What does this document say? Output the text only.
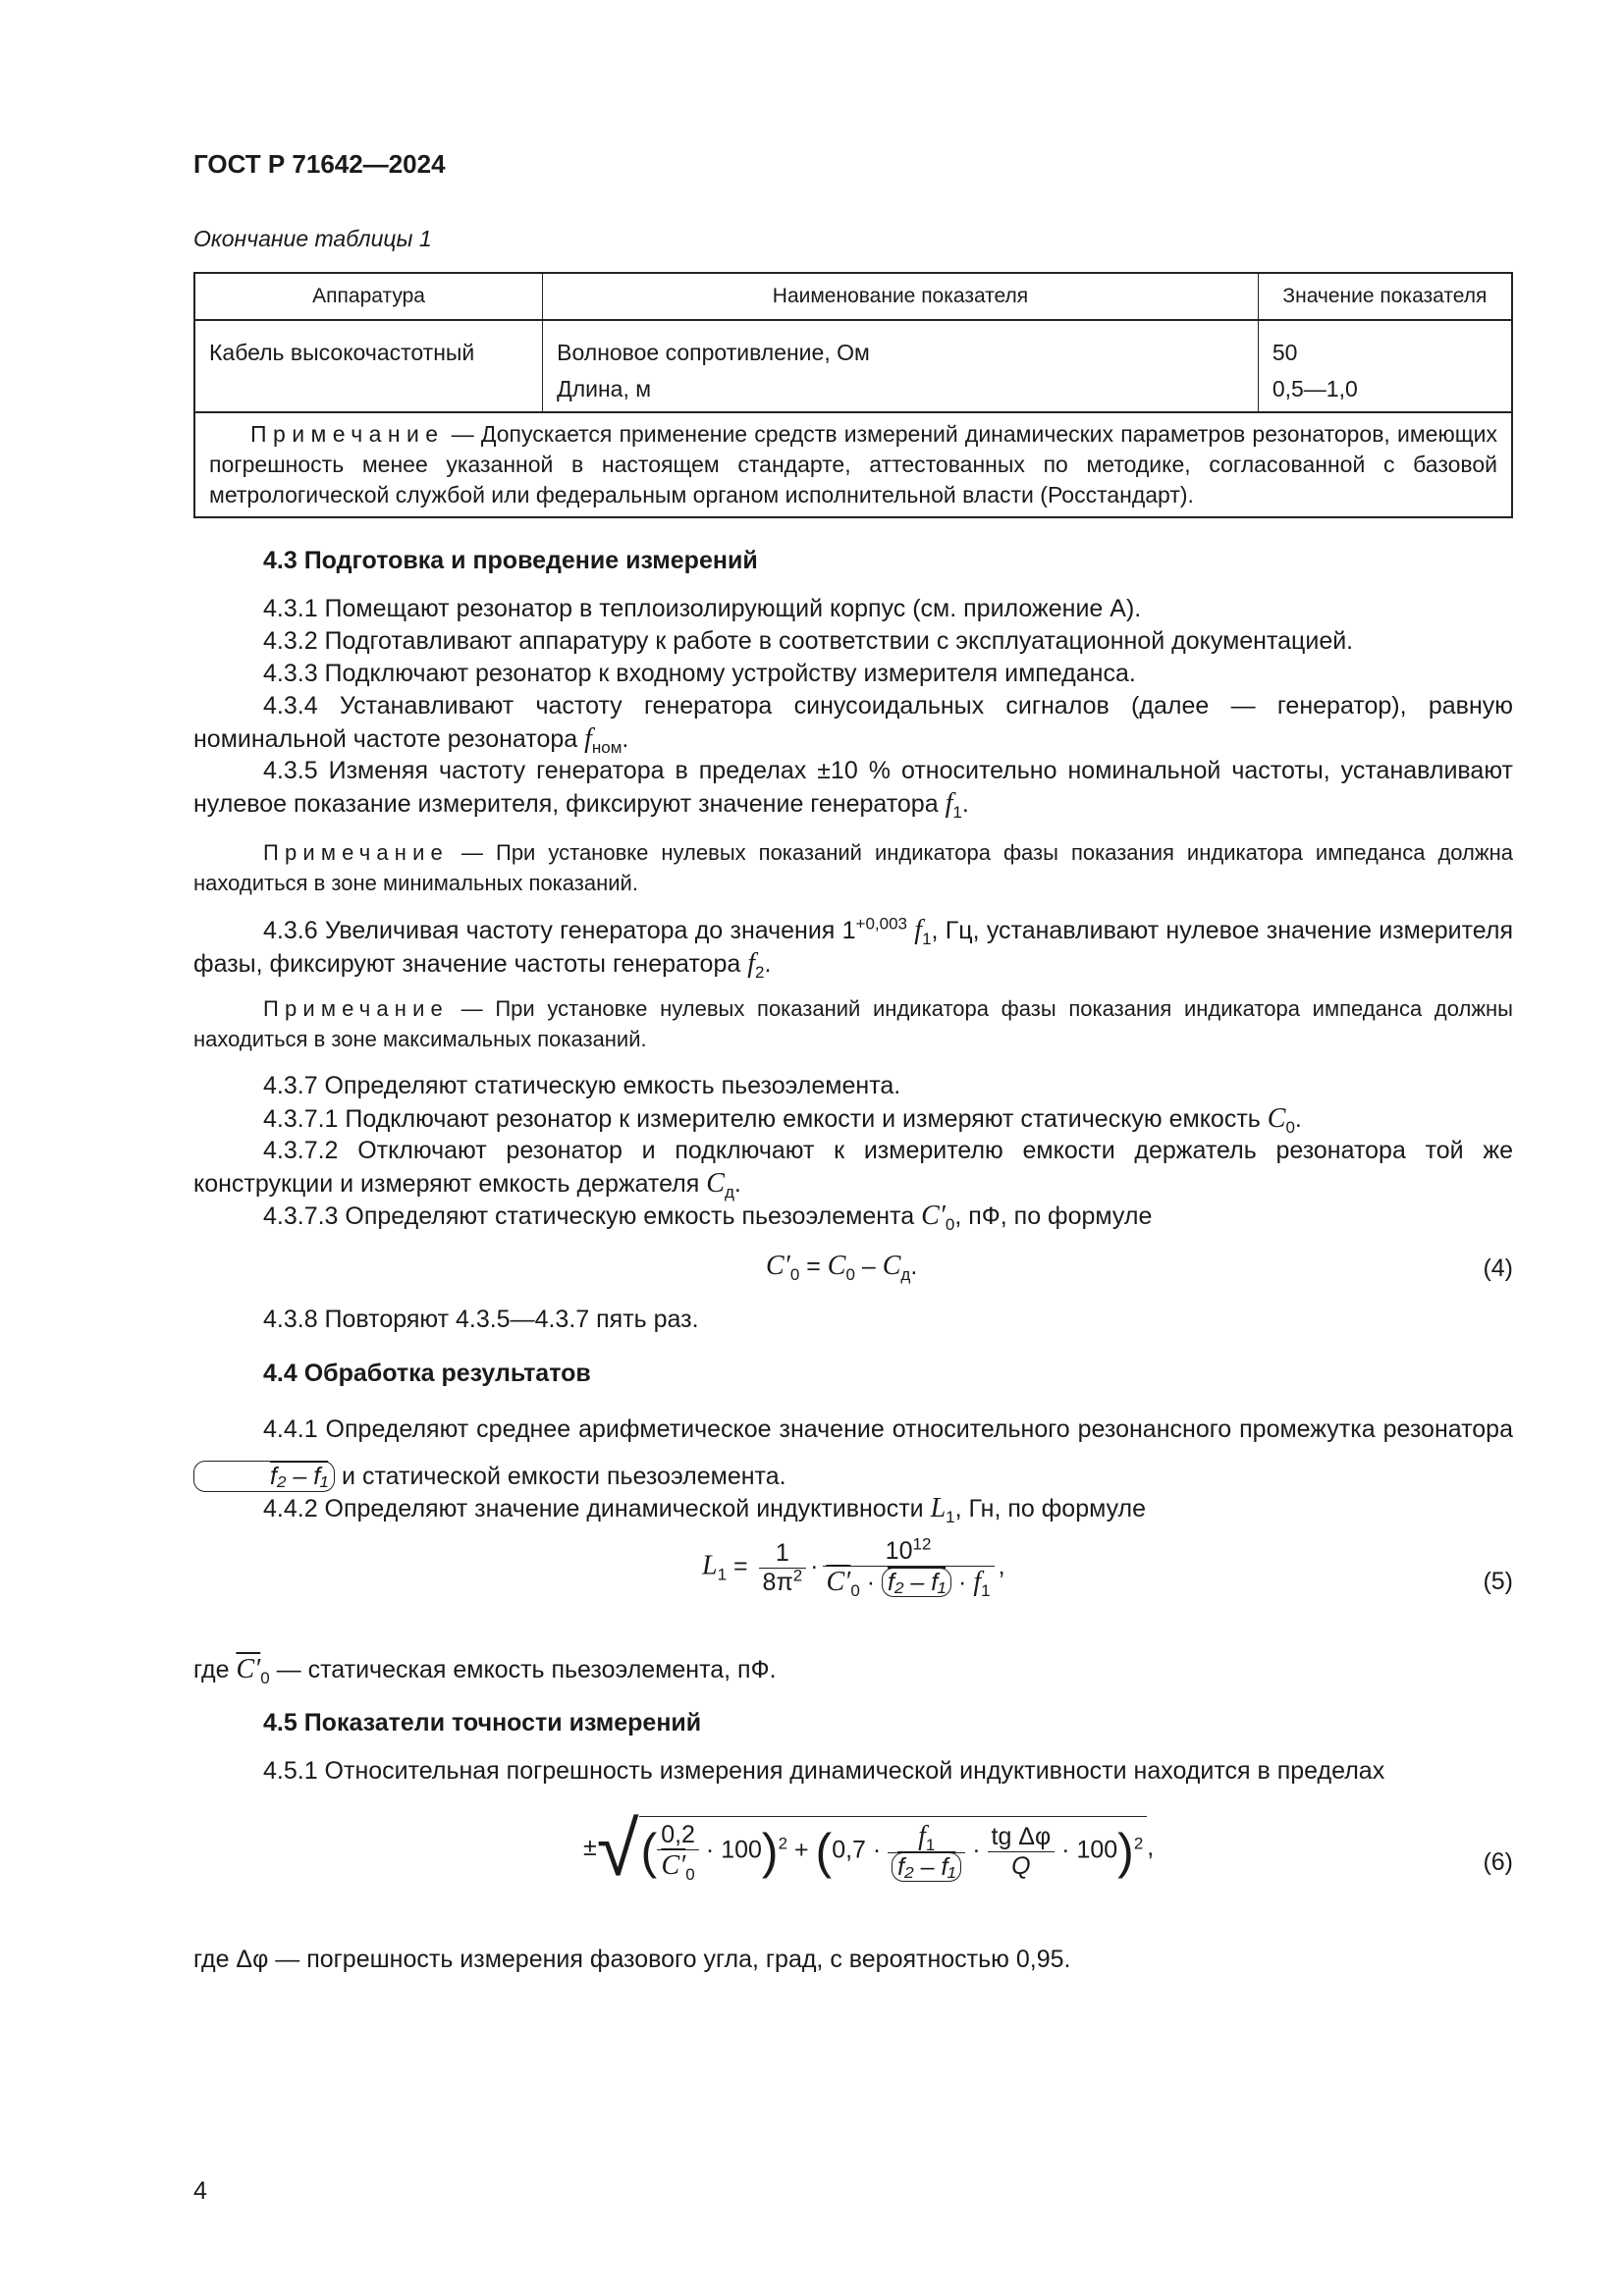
ГОСТ Р 71642—2024
Окончание таблицы 1
Аппаратура	Наименование показателя	Значение показателя
Кабель высокочастотный	Волновое сопротивление, Ом	50
	Длина, м	0,5—1,0
Примечание — Допускается применение средств измерений динамических параметров резонаторов, имеющих погрешность менее указанной в настоящем стандарте, аттестованных по методике, согласованной с базовой метрологической службой или федеральным органом исполнительной власти (Росстандарт).		
4.3 Подготовка и проведение измерений
4.3.1 Помещают резонатор в теплоизолирующий корпус (см. приложение А).
4.3.2 Подготавливают аппаратуру к работе в соответствии с эксплуатационной документацией.
4.3.3 Подключают резонатор к входному устройству измерителя импеданса.
4.3.4 Устанавливают частоту генератора синусоидальных сигналов (далее — генератор), равную номинальной частоте резонатора $f_{ном}$.
4.3.5 Изменяя частоту генератора в пределах ±10 % относительно номинальной частоты, устанавливают нулевое показание измерителя, фиксируют значение генератора $f_1$.
Примечание — При установке нулевых показаний индикатора фазы показания индикатора импеданса должна находиться в зоне минимальных показаний.
4.3.6 Увеличивая частоту генератора до значения $1^{+0,003}$ $f_1$, Гц, устанавливают нулевое значение измерителя фазы, фиксируют значение частоты генератора $f_2$.
Примечание — При установке нулевых показаний индикатора фазы показания индикатора импеданса должны находиться в зоне максимальных показаний.
4.3.7 Определяют статическую емкость пьезоэлемента.
4.3.7.1 Подключают резонатор к измерителю емкости и измеряют статическую емкость $C_0$.
4.3.7.2 Отключают резонатор и подключают к измерителю емкости держатель резонатора той же конструкции и измеряют емкость держателя $C_д$.
4.3.7.3 Определяют статическую емкость пьезоэлемента $C'_0$, пФ, по формуле
$C'_0 = C_0 - C_д$.	(4)
4.3.8 Повторяют 4.3.5—4.3.7 пять раз.
4.4 Обработка результатов
4.4.1 Определяют среднее арифметическое значение относительного резонансного промежутка резонатора f₂ – f₁ и статической емкости пьезоэлемента.
4.4.2 Определяют значение динамической индуктивности $L_1$, Гн, по формуле
$L_1 = \frac{1}{8\pi^2} \cdot \frac{10^{12}}{C'_0 \cdot f_2 - f_1 \cdot f_1}$ ,
(5)
где $C'_0$ — статическая емкость пьезоэлемента, пФ.
4.5 Показатели точности измерений
4.5.1 Относительная погрешность измерения динамической индуктивности находится в пределах
±√( $\frac{0,2}{C'_0} \cdot 100)^2 + (0,7 \cdot \frac{f_1}{\text{f₂ – f₁}} \cdot \frac{\text{tg Δφ}}{Q} \cdot 100)^2$ ,
(6)
где Δφ — погрешность измерения фазового угла, град, с вероятностью 0,95.
4
